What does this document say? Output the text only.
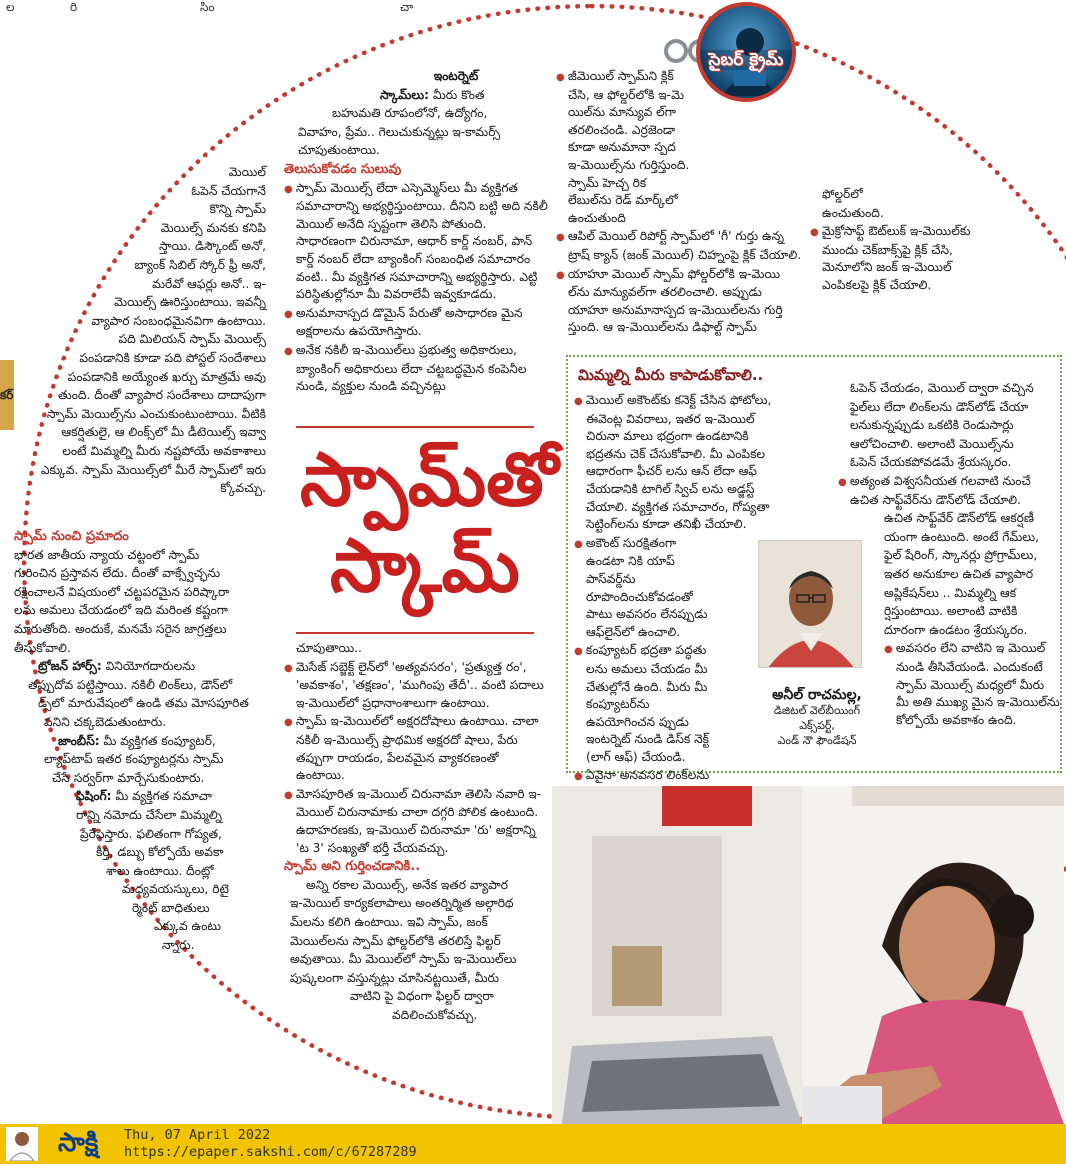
ల	రి	సిం	చా
కర్

మెయిల్

ఓపెన్ చేయగానే

కొన్ని స్పామ్

మెయిల్స్ మనకు కనిపి

స్తాయి. డిస్కౌంట్ అనో,

బ్యాంక్ సిబిల్ స్కోర్ ఫ్రీ అనో,

మరేవో ఆఫర్లు అనో.. ఇ-

మెయిల్స్ ఊరిస్తుంటాయి. ఇవన్నీ

వ్యాపార సంబంధమైనవిగా ఉంటాయి.

పది మిలియన్ స్పామ్ మెయిల్స్

పంపడానికి కూడా పది పోస్టల్ సందేశాలు

పంపడానికి అయ్యేంత ఖర్చు మాత్రమే అవు

తుంది. దీంతో వ్యాపార సందేశాలు దాదాపుగా

స్పామ్ మెయిల్స్‌ను ఎంచుకుంటుంటాయి. వీటికి

ఆకర్షితులై, ఆ లింక్స్‌లో మీ డీటెయిల్స్ ఇవ్వా

లంటే మిమ్మల్ని మీరు నష్టపోయే అవకాశాలు

ఎక్కువ. స్పామ్ మెయిల్స్‌లో మీరే స్పామ్‌లో ఇరు

క్కోవచ్చు.

స్పామ్ నుంచి ప్రమాదం

భారత జాతీయ న్యాయ చట్టంలో స్పామ్

గురించిన ప్రస్తావన లేదు. దీంతో వాక్స్వేచ్ఛను

రక్షించాలనే విషయంలో చట్టపరమైన పరిష్కారా

లను అమలు చేయడంలో ఇది మరింత కష్టంగా

మారుతోంది. అందుకే, మనమే సరైన జాగ్రత్తలు

తీసుకోవాలి.

ట్రోజన్ హార్స్: వినియోగదారులను

తప్పుదోవ పట్టిస్తాయి. నకిలీ లింక్‌లు, డౌన్‌లో

డ్స్‌లో మారువేషంలో ఉండి తమ మోసపూరిత

పనిని చక్కబెడుతుంటారు.

జాంబీస్: మీ వ్యక్తిగత కంప్యూటర్,

ల్యాప్‌టాప్ ఇతర కంప్యూటర్లను స్పామ్

చేసే సర్వర్‌గా మార్చేసుకుంటారు.

ఫిషింగ్: మీ వ్యక్తిగత సమాచా

రాన్ని నమోదు చేసేలా మిమ్మల్ని

ప్రేరేపిస్తారు. ఫలితంగా గోప్యత,

కీర్తి, డబ్బు కోల్పోయే అవకా

శాలు ఉంటాయి. దీంట్లో

మధ్యవయస్కులు, రిటై

ర్మెంట్ బాధితులు

ఎక్కువ ఉంటు

న్నారు.

ఇంటర్నెట్

స్కామ్‌లు: మీరు కొంత

బహుమతి రూపంలోనో, ఉద్యోగం,

వివాహం, ప్రేమ.. గెలుచుకున్నట్లు ఇ-కామర్స్

చూపుతుంటాయి.

తెలుసుకోవడం సులువు

● స్పామ్ మెయిల్స్ లేదా ఎస్సెమ్మెస్‌లు మీ వ్యక్తిగత సమాచారాన్ని అభ్యర్థిస్తుంటాయి. దీనిని బట్టి అది నకిలీ మెయిల్ అనేది స్పష్టంగా తెలిసి పోతుంది. సాధారణంగా చిరునామా, ఆధార్ కార్డ్ నంబర్, పాన్ కార్డ్ నంబర్ లేదా బ్యాంకింగ్ సంబంధిత సమాచారం వంటి.. మీ వ్యక్తిగత సమాచారాన్ని అభ్యర్థిస్తారు. ఎట్టి పరిస్థితుల్లోనూ మీ వివరాలేవీ ఇవ్వకూడదు.

● అనుమానాస్పద డొమైన్ పేరుతో అసాధారణ మైన అక్షరాలను ఉపయోగిస్తారు.

● అనేక నకిలీ ఇ-మెయిల్‌లు ప్రభుత్వ అధికారులు, బ్యాంకింగ్ అధికారులు లేదా చట్టబద్ధమైన కంపెనీల నుండి, వ్యక్తుల నుండి వచ్చినట్లు

స్పామ్‌తో
స్కామ్

చూపుతాయి..

● మెసేజ్ సబ్జెక్ట్ లైన్‌లో 'అత్యవసరం', 'ప్రత్యుత్త రం', 'అవకాశం', 'తక్షణం', 'ముగింపు తేదీ'.. వంటి పదాలు ఇ-మెయిల్‌లో ప్రధానాంశాలుగా ఉంటాయి.

● స్పామ్ ఇ-మెయిల్‌లో అక్షరదోషాలు ఉంటాయి. చాలా నకిలీ ఇ-మెయిల్స్ ప్రాథమిక అక్షరదో షాలు, పేరు తప్పుగా రాయడం, పేలవమైన వ్యాకరణంతో ఉంటాయి.

● మోసపూరిత ఇ-మెయిల్ చిరునామా తెలిసి నవారి ఇ-మెయిల్ చిరునామాకు చాలా దగ్గరి పోలిక ఉంటుంది. ఉదాహరణకు, ఇ-మెయిల్ చిరునామా 'రు' అక్షరాన్ని 'ట 3' సంఖ్యతో భర్తీ చేయవచ్చు.

స్పామ్ అని గుర్తించడానికి..

అన్ని రకాల మెయిల్స్, అనేక ఇతర వ్యాపార

ఇ-మెయిల్ కార్యకలాపాలు అంతర్నిర్మిత అల్గారిథ

మ్‌లను కలిగి ఉంటాయి. ఇవి స్పామ్, జంక్

మెయిల్‌లను స్పామ్ ఫోల్డర్‌లోకి తరలిస్తే ఫిల్టర్

అవుతాయి. మీ మెయిల్‌లో స్పామ్ ఇ-మెయిల్‌లు

పుష్కలంగా వస్తున్నట్లు చూసినట్టయితే, మీరు

వాటిని పై విధంగా ఫిల్టర్ ద్వారా

వదిలించుకోవచ్చు.

● జీమెయిల్ స్పామ్‌ని క్లిక్ చేసి, ఆ ఫోల్డర్‌లోకి ఇ-మె యిల్‌ను మాన్యువ ల్‌గా తరలించండి. ఎర్రజెండా కూడా అనుమానా స్పద ఇ-మెయిల్స్‌ను గుర్తిస్తుంది. స్పామ్ హెచ్చ రిక లేబుల్‌ను రెడ్ మార్క్‌లో ఉంచుతుంది

● ఆపిల్ మెయిల్ రిపోర్ట్ స్పామ్‌లో 'గీ' గుర్తు ఉన్న ట్రాష్ క్యాన్ (జంక్ మెయిల్) చిహ్నంపై క్లిక్ చేయాలి.

● యాహూ మెయిల్ స్పామ్ ఫోల్డర్‌లోకి ఇ-మెయి ల్‌ను మాన్యువల్‌గా తరలించాలి. అప్పుడు యాహూ అనుమానాస్పద ఇ-మెయిల్‌లను గుర్తి స్తుంది. ఆ ఇ-మెయిల్‌లను డిఫాల్ట్ స్పామ్

ఫోల్డర్‌లో

ఉంచుతుంది.

● మైక్రోసాఫ్ట్ ఔట్‌లుక్ ఇ-మెయిల్‌కు ముందు చెక్‌బాక్స్‌పై క్లిక్ చేసి, మెనూలోని జంక్ ఇ-మెయిల్ ఎంపికలపై క్లిక్ చేయాలి.

సైబర్ క్రైమ్
మిమ్మల్ని మీరు కాపాడుకోవాలి..

● మెయిల్ అకౌంట్‌కు కనెక్ట్ చేసిన ఫోటోలు, ఈవెంట్ల వివరాలు, ఇతర ఇ-మెయిల్ చిరునా మాలు భద్రంగా ఉండటానికి భద్రతను చెక్ చేసుకోవాలి. మీ ఎంపికల ఆధారంగా ఫీచర్ లను ఆన్ లేదా ఆఫ్ చేయడానికి టాగిల్ స్విచ్ లను అడ్జస్ట్ చేయాలి. వ్యక్తిగత సమాచారం, గోప్యతా సెట్టింగ్‌లను కూడా తనిఖీ చేయాలి.

● అకౌంట్ సురక్షితంగా ఉండటా నికి యాప్ పాస్‌వర్డ్‌ను రూపొందించుకోవడంతో పాటు అవసరం లేనప్పుడు ఆఫ్‌లైన్‌లో ఉంచాలి.

● కంప్యూటర్ భద్రతా పద్ధతు లను అమలు చేయడం మీ చేతుల్లోనే ఉంది. మీరు మీ కంప్యూటర్‌ను ఉపయోగించన ప్పుడు ఇంటర్నెట్ నుండి డిస్‌క నెక్ట్ (లాగ్ ఆఫ్) చేయండి.

● ఏవైనా అనవసర లింక్‌లను

ఓపెన్ చేయడం, మెయిల్ ద్వారా వచ్చిన

ఫైల్‌లు లేదా లింక్‌లను డౌన్‌లోడ్ చేయా

లనుకున్నప్పుడు ఒకటికి రెండుసార్లు

ఆలోచించాలి. అలాంటి మెయిల్స్‌ను

ఓపెన్ చేయకపోవడమే శ్రేయస్కరం.

● అత్యంత విశ్వసనీయత గలవాటి నుంచే ఉచిత సాఫ్ట్‌వేర్‌ను డౌన్‌లోడ్ చేయాలి.

ఉచిత సాఫ్ట్‌వేర్ డౌన్‌లోడ్ ఆకర్షణీ

యంగా ఉంటుంది. అంటే గేమ్‌లు,

ఫైల్ షేరింగ్, స్కానర్లు ప్రోగ్రామ్‌లు,

ఇతర అనుకూల ఉచిత వ్యాపార

అప్లికేషన్‌లు .. మిమ్మల్ని ఆక

ర్షిస్తుంటాయి. అలాంటి వాటికి

దూరంగా ఉండటం శ్రేయస్కరం.

● అవసరం లేని వాటిని ఇ మెయిల్ నుండి తీసివేయండి. ఎందుకంటే స్పామ్ మెయిల్స్ మధ్యలో మీరు మీ అతి ముఖ్య మైన ఇ-మెయిల్‌ను కోల్పోయే అవకాశం ఉంది.

అనీల్ రాచమల్ల,
డిజిటల్ వెల్‌బీయింగ్
ఎక్స్‌పర్ట్,
ఎండ్ నౌ ఫౌండేషన్
సాక్షి Thu, 07 April 2022
https://epaper.sakshi.com/c/67287289
